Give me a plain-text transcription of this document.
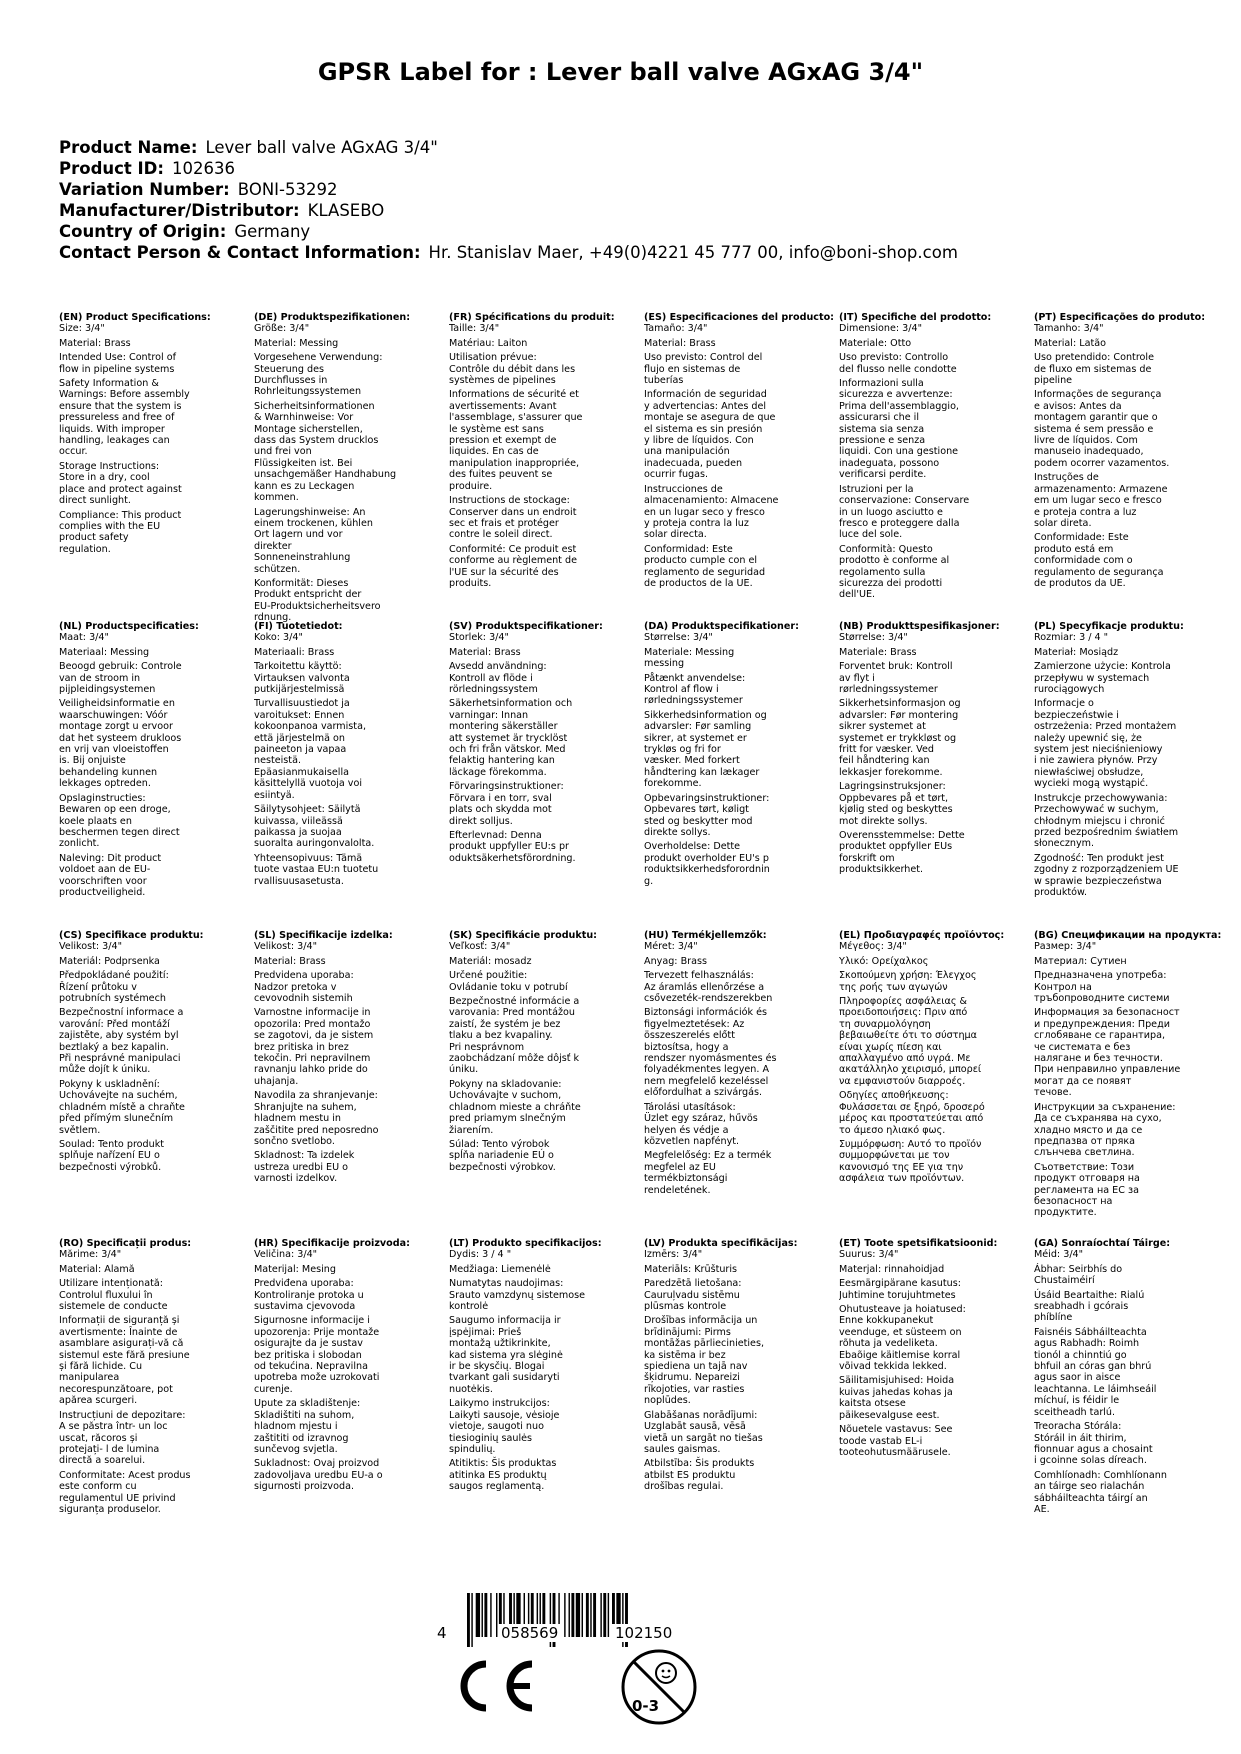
GPSR Label for : Lever ball valve AGxAG 3/4"
Product Name: Lever ball valve AGxAG 3/4"
Product ID: 102636
Variation Number: BONI-53292
Manufacturer/Distributor: KLASEBO
Country of Origin: Germany
Contact Person & Contact Information: Hr. Stanislav Maer, +49(0)4221 45 777 00, info@boni-shop.com
(EN) Product Specifications:
Size: 3/4"
Material: Brass
Intended Use: Control of
flow in pipeline systems
Safety Information &
Warnings: Before assembly
ensure that the system is
pressureless and free of
liquids. With improper
handling, leakages can
occur.
Storage Instructions:
Store in a dry, cool
place and protect against
direct sunlight.
Compliance: This product
complies with the EU
product safety
regulation.
(DE) Produktspezifikationen:
Größe: 3/4"
Material: Messing
Vorgesehene Verwendung:
Steuerung des
Durchflusses in
Rohrleitungssystemen
Sicherheitsinformationen
& Warnhinweise: Vor
Montage sicherstellen,
dass das System drucklos
und frei von
Flüssigkeiten ist. Bei
unsachgemäßer Handhabung
kann es zu Leckagen
kommen.
Lagerungshinweise: An
einem trockenen, kühlen
Ort lagern und vor
direkter
Sonneneinstrahlung
schützen.
Konformität: Dieses
Produkt entspricht der
EU-Produktsicherheitsvero
rdnung.
(FR) Spécifications du produit:
Taille: 3/4"
Matériau: Laiton
Utilisation prévue:
Contrôle du débit dans les
systèmes de pipelines
Informations de sécurité et
avertissements: Avant
l'assemblage, s'assurer que
le système est sans
pression et exempt de
liquides. En cas de
manipulation inappropriée,
des fuites peuvent se
produire.
Instructions de stockage:
Conserver dans un endroit
sec et frais et protéger
contre le soleil direct.
Conformité: Ce produit est
conforme au règlement de
l'UE sur la sécurité des
produits.
(ES) Especificaciones del producto:
Tamaño: 3/4"
Material: Brass
Uso previsto: Control del
flujo en sistemas de
tuberías
Información de seguridad
y advertencias: Antes del
montaje se asegura de que
el sistema es sin presión
y libre de líquidos. Con
una manipulación
inadecuada, pueden
ocurrir fugas.
Instrucciones de
almacenamiento: Almacene
en un lugar seco y fresco
y proteja contra la luz
solar directa.
Conformidad: Este
producto cumple con el
reglamento de seguridad
de productos de la UE.
(IT) Specifiche del prodotto:
Dimensione: 3/4"
Materiale: Otto
Uso previsto: Controllo
del flusso nelle condotte
Informazioni sulla
sicurezza e avvertenze:
Prima dell'assemblaggio,
assicurarsi che il
sistema sia senza
pressione e senza
liquidi. Con una gestione
inadeguata, possono
verificarsi perdite.
Istruzioni per la
conservazione: Conservare
in un luogo asciutto e
fresco e proteggere dalla
luce del sole.
Conformità: Questo
prodotto è conforme al
regolamento sulla
sicurezza dei prodotti
dell'UE.
(PT) Especificações do produto:
Tamanho: 3/4"
Material: Latão
Uso pretendido: Controle
de fluxo em sistemas de
pipeline
Informações de segurança
e avisos: Antes da
montagem garantir que o
sistema é sem pressão e
livre de líquidos. Com
manuseio inadequado,
podem ocorrer vazamentos.
Instruções de
armazenamento: Armazene
em um lugar seco e fresco
e proteja contra a luz
solar direta.
Conformidade: Este
produto está em
conformidade com o
regulamento de segurança
de produtos da UE.
(NL) Productspecificaties:
Maat: 3/4"
Materiaal: Messing
Beoogd gebruik: Controle
van de stroom in
pijpleidingsystemen
Veiligheidsinformatie en
waarschuwingen: Vóór
montage zorgt u ervoor
dat het systeem drukloos
en vrij van vloeistoffen
is. Bij onjuiste
behandeling kunnen
lekkages optreden.
Opslaginstructies:
Bewaren op een droge,
koele plaats en
beschermen tegen direct
zonlicht.
Naleving: Dit product
voldoet aan de EU-
voorschriften voor
productveiligheid.
(FI) Tuotetiedot:
Koko: 3/4"
Materiaali: Brass
Tarkoitettu käyttö:
Virtauksen valvonta
putkijärjestelmissä
Turvallisuustiedot ja
varoitukset: Ennen
kokoonpanoa varmista,
että järjestelmä on
paineeton ja vapaa
nesteistä.
Epäasianmukaisella
käsittelyllä vuotoja voi
esiintyä.
Säilytysohjeet: Säilytä
kuivassa, viileässä
paikassa ja suojaa
suoralta auringonvalolta.
Yhteensopivuus: Tämä
tuote vastaa EU:n tuotetu
rvallisuusasetusta.
(SV) Produktspecifikationer:
Storlek: 3/4"
Material: Brass
Avsedd användning:
Kontroll av flöde i
rörledningssystem
Säkerhetsinformation och
varningar: Innan
montering säkerställer
att systemet är trycklöst
och fri från vätskor. Med
felaktig hantering kan
läckage förekomma.
Förvaringsinstruktioner:
Förvara i en torr, sval
plats och skydda mot
direkt solljus.
Efterlevnad: Denna
produkt uppfyller EU:s pr
oduktsäkerhetsförordning.
(DA) Produktspecifikationer:
Størrelse: 3/4"
Materiale: Messing
messing
Påtænkt anvendelse:
Kontrol af flow i
rørledningssystemer
Sikkerhedsinformation og
advarsler: Før samling
sikrer, at systemet er
trykløs og fri for
væsker. Med forkert
håndtering kan lækager
forekomme.
Opbevaringsinstruktioner:
Opbevares tørt, køligt
sted og beskytter mod
direkte sollys.
Overholdelse: Dette
produkt overholder EU's p
roduktsikkerhedsforordnin
g.
(NB) Produkttspesifikasjoner:
Størrelse: 3/4"
Materiale: Brass
Forventet bruk: Kontroll
av flyt i
rørledningssystemer
Sikkerhetsinformasjon og
advarsler: Før montering
sikrer systemet at
systemet er trykkløst og
fritt for væsker. Ved
feil håndtering kan
lekkasjer forekomme.
Lagringsinstruksjoner:
Oppbevares på et tørt,
kjølig sted og beskyttes
mot direkte sollys.
Overensstemmelse: Dette
produktet oppfyller EUs
forskrift om
produktsikkerhet.
(PL) Specyfikacje produktu:
Rozmiar: 3 / 4 "
Materiał: Mosiądz
Zamierzone użycie: Kontrola
przepływu w systemach
rurociągowych
Informacje o
bezpieczeństwie i
ostrzeżenia: Przed montażem
należy upewnić się, że
system jest nieciśnieniowy
i nie zawiera płynów. Przy
niewłaściwej obsłudze,
wycieki mogą wystąpić.
Instrukcje przechowywania:
Przechowywać w suchym,
chłodnym miejscu i chronić
przed bezpośrednim światłem
słonecznym.
Zgodność: Ten produkt jest
zgodny z rozporządzeniem UE
w sprawie bezpieczeństwa
produktów.
(CS) Specifikace produktu:
Velikost: 3/4"
Materiál: Podprsenka
Předpokládané použití:
Řízení průtoku v
potrubních systémech
Bezpečnostní informace a
varování: Před montáží
zajistěte, aby systém byl
beztlaký a bez kapalin.
Při nesprávné manipulaci
může dojít k úniku.
Pokyny k uskladnění:
Uchovávejte na suchém,
chladném místě a chraňte
před přímým slunečním
světlem.
Soulad: Tento produkt
splňuje nařízení EU o
bezpečnosti výrobků.
(SL) Specifikacije izdelka:
Velikost: 3/4"
Material: Brass
Predvidena uporaba:
Nadzor pretoka v
cevovodnih sistemih
Varnostne informacije in
opozorila: Pred montažo
se zagotovi, da je sistem
brez pritiska in brez
tekočin. Pri nepravilnem
ravnanju lahko pride do
uhajanja.
Navodila za shranjevanje:
Shranjujte na suhem,
hladnem mestu in
zaščitite pred neposredno
sončno svetlobo.
Skladnost: Ta izdelek
ustreza uredbi EU o
varnosti izdelkov.
(SK) Špecifikácie produktu:
Veľkosť: 3/4"
Materiál: mosadz
Určené použitie:
Ovládanie toku v potrubí
Bezpečnostné informácie a
varovania: Pred montážou
zaistí, že systém je bez
tlaku a bez kvapaliny.
Pri nesprávnom
zaobchádzaní môže dôjsť k
úniku.
Pokyny na skladovanie:
Uchovávajte v suchom,
chladnom mieste a chráňte
pred priamym slnečným
žiarením.
Súlad: Tento výrobok
spĺňa nariadenie EÚ o
bezpečnosti výrobkov.
(HU) Termékjellemzők:
Méret: 3/4"
Anyag: Brass
Tervezett felhasználás:
Az áramlás ellenőrzése a
csővezeték-rendszerekben
Biztonsági információk és
figyelmeztetések: Az
összeszerelés előtt
biztosítsa, hogy a
rendszer nyomásmentes és
folyadékmentes legyen. A
nem megfelelő kezeléssel
előfordulhat a szivárgás.
Tárolási utasítások:
Üzlet egy száraz, hűvös
helyen és védje a
közvetlen napfényt.
Megfelelőség: Ez a termék
megfelel az EU
termékbiztonsági
rendeletének.
(EL) Προδιαγραφές προϊόντος:
Μέγεθος: 3/4"
Υλικό: Ορείχαλκος
Σκοπούμενη χρήση: Έλεγχος
της ροής των αγωγών
Πληροφορίες ασφάλειας &
προειδοποιήσεις: Πριν από
τη συναρμολόγηση
βεβαιωθείτε ότι το σύστημα
είναι χωρίς πίεση και
απαλλαγμένο από υγρά. Με
ακατάλληλο χειρισμό, μπορεί
να εμφανιστούν διαρροές.
Οδηγίες αποθήκευσης:
Φυλάσσεται σε ξηρό, δροσερό
μέρος και προστατεύεται από
το άμεσο ηλιακό φως.
Συμμόρφωση: Αυτό το προϊόν
συμμορφώνεται με τον
κανονισμό της ΕΕ για την
ασφάλεια των προϊόντων.
(BG) Спецификации на продукта:
Размер: 3/4"
Материал: Сутиен
Предназначена употреба:
Контрол на
тръбопроводните системи
Информация за безопасност
и предупреждения: Преди
сглобяване се гарантира,
че системата е без
налягане и без течности.
При неправилно управление
могат да се появят
течове.
Инструкции за съхранение:
Да се съхранява на сухо,
хладно място и да се
предпазва от пряка
слънчева светлина.
Съответствие: Този
продукт отговаря на
регламента на ЕС за
безопасност на
продуктите.
(RO) Specificații produs:
Mărime: 3/4"
Material: Alamă
Utilizare intenționată:
Controlul fluxului în
sistemele de conducte
Informații de siguranță și
avertismente: Înainte de
asamblare asigurați-vă că
sistemul este fără presiune
și fără lichide. Cu
manipularea
necorespunzătoare, pot
apărea scurgeri.
Instrucțiuni de depozitare:
A se păstra într- un loc
uscat, răcoros și
protejați- l de lumina
directă a soarelui.
Conformitate: Acest produs
este conform cu
regulamentul UE privind
siguranța produselor.
(HR) Specifikacije proizvoda:
Veličina: 3/4"
Materijal: Mesing
Predviđena uporaba:
Kontroliranje protoka u
sustavima cjevovoda
Sigurnosne informacije i
upozorenja: Prije montaže
osigurajte da je sustav
bez pritiska i slobodan
od tekućina. Nepravilna
upotreba može uzrokovati
curenje.
Upute za skladištenje:
Skladištiti na suhom,
hladnom mjestu i
zaštititi od izravnog
sunčevog svjetla.
Sukladnost: Ovaj proizvod
zadovoljava uredbu EU-a o
sigurnosti proizvoda.
(LT) Produkto specifikacijos:
Dydis: 3 / 4 "
Medžiaga: Liemenėlė
Numatytas naudojimas:
Srauto vamzdynų sistemose
kontrolė
Saugumo informacija ir
įspėjimai: Prieš
montažą užtikrinkite,
kad sistema yra slėginė
ir be skysčių. Blogai
tvarkant gali susidaryti
nuotėkis.
Laikymo instrukcijos:
Laikyti sausoje, vėsioje
vietoje, saugoti nuo
tiesioginių saulės
spindulių.
Atitiktis: Šis produktas
atitinka ES produktų
saugos reglamentą.
(LV) Produkta specifikācijas:
Izmērs: 3/4"
Materiāls: Krūšturis
Paredzētā lietošana:
Cauruļvadu sistēmu
plūsmas kontrole
Drošības informācija un
brīdinājumi: Pirms
montāžas pārliecinieties,
ka sistēma ir bez
spiediena un tajā nav
šķidrumu. Nepareizi
rīkojoties, var rasties
noplūdes.
Glabāšanas norādījumi:
Uzglabāt sausā, vēsā
vietā un sargāt no tiešas
saules gaismas.
Atbilstība: Šis produkts
atbilst ES produktu
drošības regulai.
(ET) Toote spetsifikatsioonid:
Suurus: 3/4"
Materjal: rinnahoidjad
Eesmärgipärane kasutus:
Juhtimine torujuhtmetes
Ohutusteave ja hoiatused:
Enne kokkupanekut
veenduge, et süsteem on
rõhuta ja vedeliketa.
Ebaõige käitlemise korral
võivad tekkida lekked.
Säilitamisjuhised: Hoida
kuivas jahedas kohas ja
kaitsta otsese
päikesevalguse eest.
Nõuetele vastavus: See
toode vastab EL-i
tooteohutusmäärusele.
(GA) Sonraíochtaí Táirge:
Méid: 3/4"
Ábhar: Seirbhís do
Chustaiméirí
Úsáid Beartaithe: Rialú
sreabhadh i gcórais
phíblíne
Faisnéis Sábháilteachta
agus Rabhadh: Roimh
tionól a chinntiú go
bhfuil an córas gan bhrú
agus saor in aisce
leachtanna. Le láimhseáil
míchuí, is féidir le
sceitheadh tarlú.
Treoracha Stórála:
Stóráil in áit thirim,
fionnuar agus a chosaint
i gcoinne solas díreach.
Comhlíonadh: Comhlíonann
an táirge seo rialachán
sábháilteachta táirgí an
AE.
4	058569	102150
0-3
